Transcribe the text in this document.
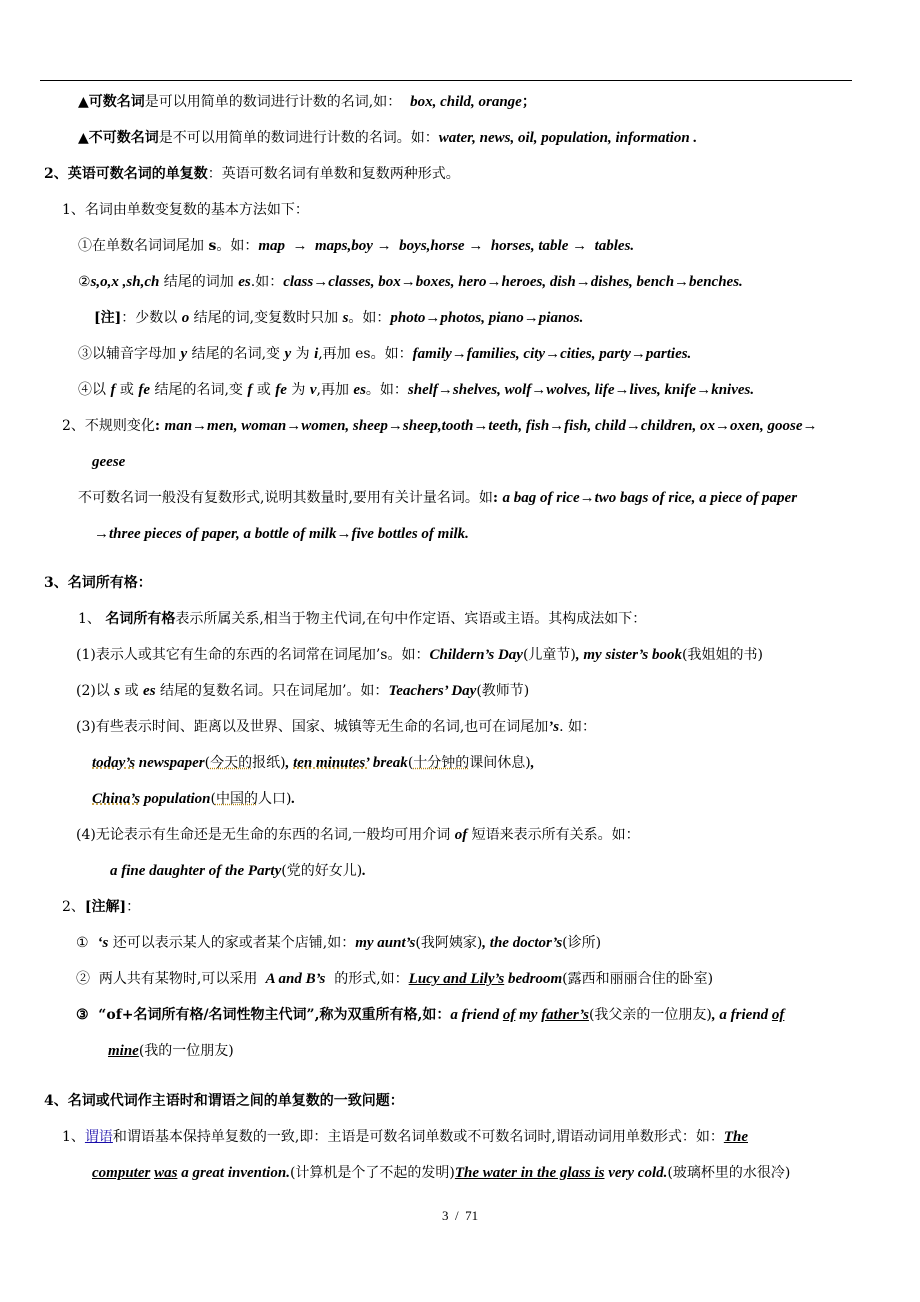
▲可数名词是可以用简单的数词进行计数的名词,如：  box, child, orange；
▲不可数名词是不可以用简单的数词进行计数的名词。如：water, news, oil, population, information .
2、英语可数名词的单复数：英语可数名词有单数和复数两种形式。
1、名词由单数变复数的基本方法如下：
①在单数名词词尾加 s。如：map  →  maps,boy →  boys,horse →  horses, table →  tables.
②s,o,x ,sh,ch 结尾的词加 es.如：class→classes, box→boxes, hero→heroes, dish→dishes, bench→benches.
[注]：少数以 o 结尾的词,变复数时只加 s。如：photo→photos, piano→pianos.
③以辅音字母加 y 结尾的名词,变 y 为 i,再加 es。如：family→families, city→cities, party→parties.
④以 f 或 fe 结尾的名词,变 f 或 fe 为 v,再加 es。如：shelf→shelves, wolf→wolves, life→lives, knife→knives.
2、不规则变化: man→men, woman→women, sheep→sheep,tooth→teeth, fish→fish, child→children, ox→oxen, goose→
geese
不可数名词一般没有复数形式,说明其数量时,要用有关计量名词。如: a bag of rice→two bags of rice, a piece of paper
→three pieces of paper, a bottle of milk→five bottles of milk.
3、名词所有格：
1、 名词所有格表示所属关系,相当于物主代词,在句中作定语、宾语或主语。其构成法如下：
(1)表示人或其它有生命的东西的名词常在词尾加’s。如：Childern’s Day(儿童节), my sister’s book(我姐姐的书)
(2)以 s 或 es 结尾的复数名词。只在词尾加’。如：Teachers’ Day(教师节)
(3)有些表示时间、距离以及世界、国家、城镇等无生命的名词,也可在词尾加’s. 如：
today’s newspaper(今天的报纸), ten minutes’ break(十分钟的课间休息),
China’s population(中国的人口).
(4)无论表示有生命还是无生命的东西的名词,一般均可用介词 of 短语来表示所有关系。如：
a fine daughter of the Party(党的好女儿).
2、[注解]：
①  ‘s 还可以表示某人的家或者某个店铺,如：my aunt’s(我阿姨家), the doctor’s(诊所)
②  两人共有某物时,可以采用  A and B’s  的形式,如：Lucy and Lily’s bedroom(露西和丽丽合住的卧室)
③  “of+名词所有格/名词性物主代词”,称为双重所有格,如：a friend of my father’s(我父亲的一位朋友), a friend of
mine(我的一位朋友)
4、名词或代词作主语时和谓语之间的单复数的一致问题：
1、谓语和谓语基本保持单复数的一致,即：主语是可数名词单数或不可数名词时,谓语动词用单数形式：如：The
computer was a great invention.(计算机是个了不起的发明)The water in the glass is very cold.(玻璃杯里的水很冷)
3 / 71
